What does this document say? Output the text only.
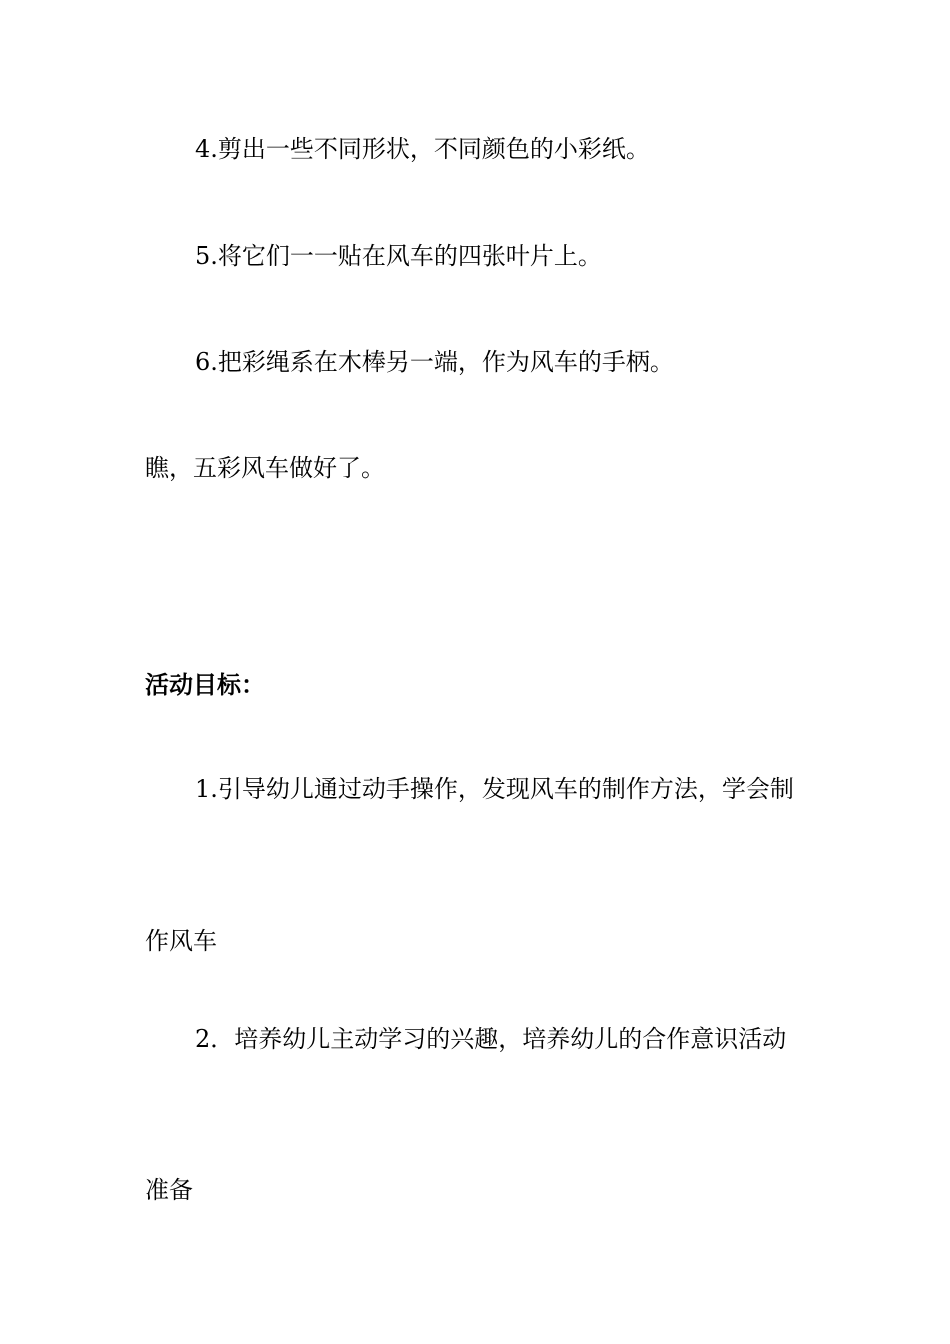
4.剪出一些不同形状，不同颜色的小彩纸。

5.将它们一一贴在风车的四张叶片上。

6.把彩绳系在木棒另一端，作为风车的手柄。

瞧，五彩风车做好了。

活动目标：

1.引导幼儿通过动手操作，发现风车的制作方法，学会制

作风车

2．培养幼儿主动学习的兴趣，培养幼儿的合作意识活动

准备
